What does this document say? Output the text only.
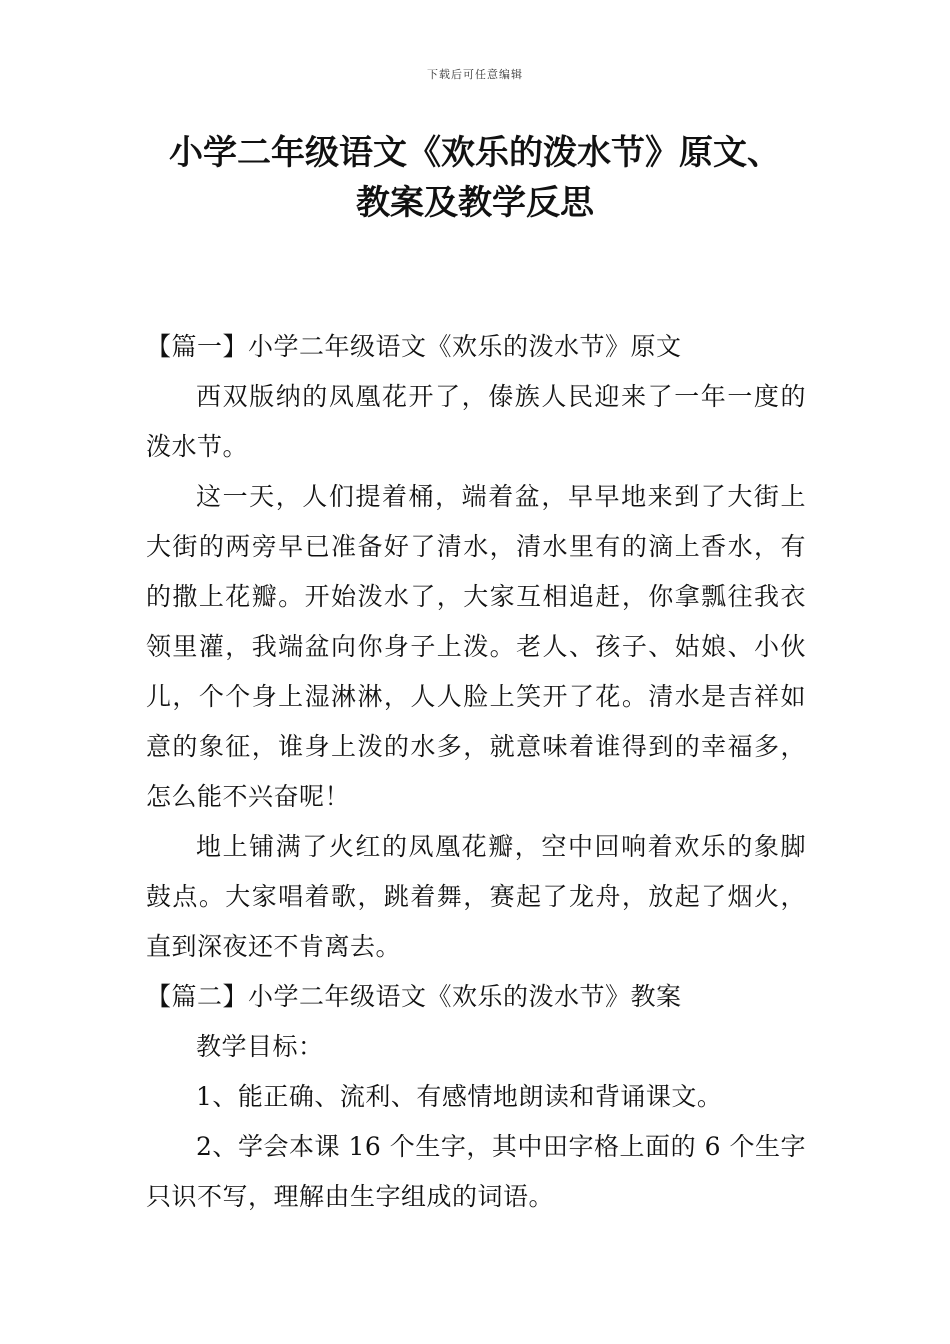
下载后可任意编辑
小学二年级语文《欢乐的泼水节》原文、
教案及教学反思

【篇一】小学二年级语文《欢乐的泼水节》原文

西双版纳的凤凰花开了，傣族人民迎来了一年一度的泼水节。

这一天，人们提着桶，端着盆，早早地来到了大街上大街的两旁早已准备好了清水，清水里有的滴上香水，有的撒上花瓣。开始泼水了，大家互相追赶，你拿瓢往我衣领里灌，我端盆向你身子上泼。老人、孩子、姑娘、小伙儿，个个身上湿淋淋，人人脸上笑开了花。清水是吉祥如意的象征，谁身上泼的水多，就意味着谁得到的幸福多，怎么能不兴奋呢！

地上铺满了火红的凤凰花瓣，空中回响着欢乐的象脚鼓点。大家唱着歌，跳着舞，赛起了龙舟，放起了烟火，直到深夜还不肯离去。

【篇二】小学二年级语文《欢乐的泼水节》教案

教学目标：

1、能正确、流利、有感情地朗读和背诵课文。

2、学会本课 16 个生字，其中田字格上面的 6 个生字只识不写，理解由生字组成的词语。
